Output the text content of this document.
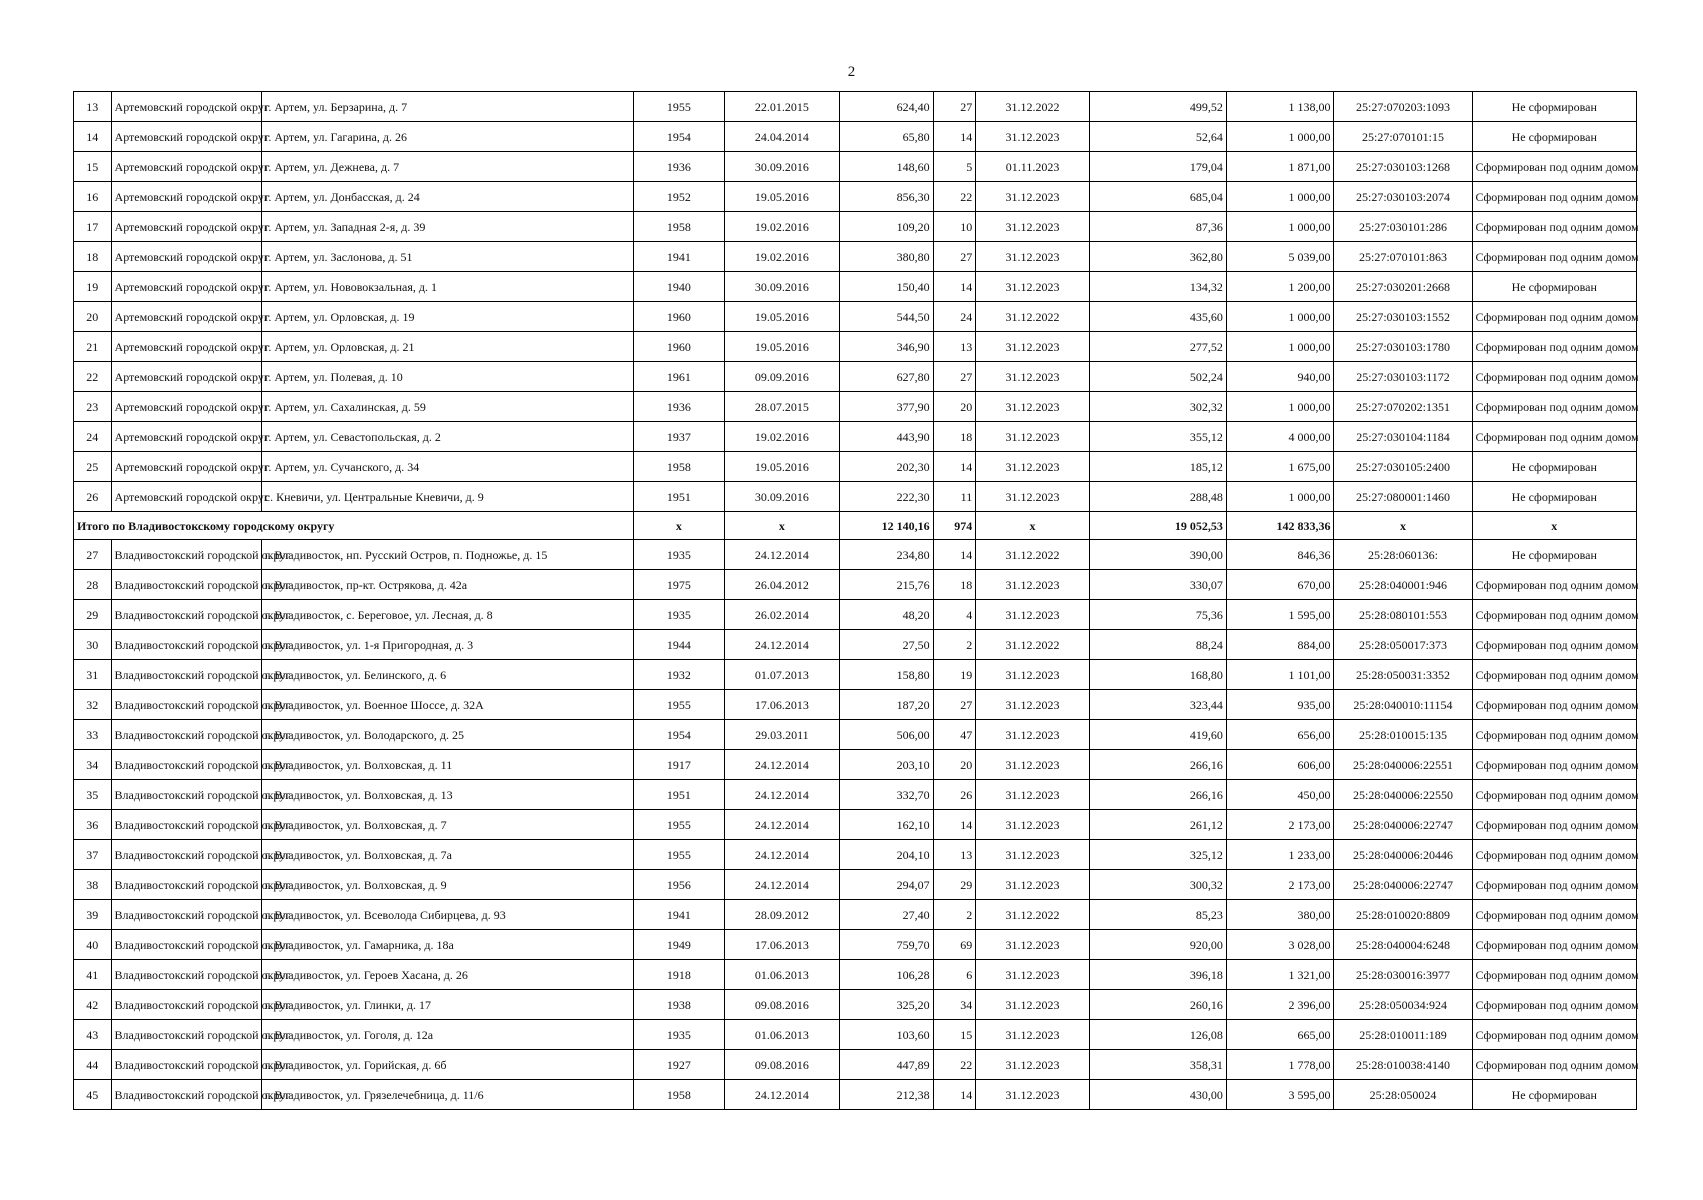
2
13	Артемовский городской округ	г. Артем, ул. Берзарина, д. 7	1955	22.01.2015	624,40	27	31.12.2022	499,52	1 138,00	25:27:070203:1093	Не сформирован
14	Артемовский городской округ	г. Артем, ул. Гагарина, д. 26	1954	24.04.2014	65,80	14	31.12.2023	52,64	1 000,00	25:27:070101:15	Не сформирован
15	Артемовский городской округ	г. Артем, ул. Дежнева, д. 7	1936	30.09.2016	148,60	5	01.11.2023	179,04	1 871,00	25:27:030103:1268	Сформирован под одним домом
16	Артемовский городской округ	г. Артем, ул. Донбасская, д. 24	1952	19.05.2016	856,30	22	31.12.2023	685,04	1 000,00	25:27:030103:2074	Сформирован под одним домом
17	Артемовский городской округ	г. Артем, ул. Западная 2-я, д. 39	1958	19.02.2016	109,20	10	31.12.2023	87,36	1 000,00	25:27:030101:286	Сформирован под одним домом
18	Артемовский городской округ	г. Артем, ул. Заслонова, д. 51	1941	19.02.2016	380,80	27	31.12.2023	362,80	5 039,00	25:27:070101:863	Сформирован под одним домом
19	Артемовский городской округ	г. Артем, ул. Нововокзальная, д. 1	1940	30.09.2016	150,40	14	31.12.2023	134,32	1 200,00	25:27:030201:2668	Не сформирован
20	Артемовский городской округ	г. Артем, ул. Орловская, д. 19	1960	19.05.2016	544,50	24	31.12.2022	435,60	1 000,00	25:27:030103:1552	Сформирован под одним домом
21	Артемовский городской округ	г. Артем, ул. Орловская, д. 21	1960	19.05.2016	346,90	13	31.12.2023	277,52	1 000,00	25:27:030103:1780	Сформирован под одним домом
22	Артемовский городской округ	г. Артем, ул. Полевая, д. 10	1961	09.09.2016	627,80	27	31.12.2023	502,24	940,00	25:27:030103:1172	Сформирован под одним домом
23	Артемовский городской округ	г. Артем, ул. Сахалинская, д. 59	1936	28.07.2015	377,90	20	31.12.2023	302,32	1 000,00	25:27:070202:1351	Сформирован под одним домом
24	Артемовский городской округ	г. Артем, ул. Севастопольская, д. 2	1937	19.02.2016	443,90	18	31.12.2023	355,12	4 000,00	25:27:030104:1184	Сформирован под одним домом
25	Артемовский городской округ	г. Артем, ул. Сучанского, д. 34	1958	19.05.2016	202,30	14	31.12.2023	185,12	1 675,00	25:27:030105:2400	Не сформирован
26	Артемовский городской округ	с. Кневичи, ул. Центральные Кневичи, д. 9	1951	30.09.2016	222,30	11	31.12.2023	288,48	1 000,00	25:27:080001:1460	Не сформирован
Итого по Владивостокскому городскому округу			x	x	12 140,16	974	x	19 052,53	142 833,36	x	x
27	Владивостокский городской округ	г. Владивосток, нп. Русский Остров, п. Подножье, д. 15	1935	24.12.2014	234,80	14	31.12.2022	390,00	846,36	25:28:060136:	Не сформирован
28	Владивостокский городской округ	г. Владивосток, пр-кт. Острякова, д. 42а	1975	26.04.2012	215,76	18	31.12.2023	330,07	670,00	25:28:040001:946	Сформирован под одним домом
29	Владивостокский городской округ	г. Владивосток, с. Береговое, ул. Лесная, д. 8	1935	26.02.2014	48,20	4	31.12.2023	75,36	1 595,00	25:28:080101:553	Сформирован под одним домом
30	Владивостокский городской округ	г. Владивосток, ул. 1-я Пригородная, д. 3	1944	24.12.2014	27,50	2	31.12.2022	88,24	884,00	25:28:050017:373	Сформирован под одним домом
31	Владивостокский городской округ	г. Владивосток, ул. Белинского, д. 6	1932	01.07.2013	158,80	19	31.12.2023	168,80	1 101,00	25:28:050031:3352	Сформирован под одним домом
32	Владивостокский городской округ	г. Владивосток, ул. Военное Шоссе, д. 32А	1955	17.06.2013	187,20	27	31.12.2023	323,44	935,00	25:28:040010:11154	Сформирован под одним домом
33	Владивостокский городской округ	г. Владивосток, ул. Володарского, д. 25	1954	29.03.2011	506,00	47	31.12.2023	419,60	656,00	25:28:010015:135	Сформирован под одним домом
34	Владивостокский городской округ	г. Владивосток, ул. Волховская, д. 11	1917	24.12.2014	203,10	20	31.12.2023	266,16	606,00	25:28:040006:22551	Сформирован под одним домом
35	Владивостокский городской округ	г. Владивосток, ул. Волховская, д. 13	1951	24.12.2014	332,70	26	31.12.2023	266,16	450,00	25:28:040006:22550	Сформирован под одним домом
36	Владивостокский городской округ	г. Владивосток, ул. Волховская, д. 7	1955	24.12.2014	162,10	14	31.12.2023	261,12	2 173,00	25:28:040006:22747	Сформирован под одним домом
37	Владивостокский городской округ	г. Владивосток, ул. Волховская, д. 7а	1955	24.12.2014	204,10	13	31.12.2023	325,12	1 233,00	25:28:040006:20446	Сформирован под одним домом
38	Владивостокский городской округ	г. Владивосток, ул. Волховская, д. 9	1956	24.12.2014	294,07	29	31.12.2023	300,32	2 173,00	25:28:040006:22747	Сформирован под одним домом
39	Владивостокский городской округ	г. Владивосток, ул. Всеволода Сибирцева, д. 93	1941	28.09.2012	27,40	2	31.12.2022	85,23	380,00	25:28:010020:8809	Сформирован под одним домом
40	Владивостокский городской округ	г. Владивосток, ул. Гамарника, д. 18а	1949	17.06.2013	759,70	69	31.12.2023	920,00	3 028,00	25:28:040004:6248	Сформирован под одним домом
41	Владивостокский городской округ	г. Владивосток, ул. Героев Хасана, д. 26	1918	01.06.2013	106,28	6	31.12.2023	396,18	1 321,00	25:28:030016:3977	Сформирован под одним домом
42	Владивостокский городской округ	г. Владивосток, ул. Глинки, д. 17	1938	09.08.2016	325,20	34	31.12.2023	260,16	2 396,00	25:28:050034:924	Сформирован под одним домом
43	Владивостокский городской округ	г. Владивосток, ул. Гоголя, д. 12а	1935	01.06.2013	103,60	15	31.12.2023	126,08	665,00	25:28:010011:189	Сформирован под одним домом
44	Владивостокский городской округ	г. Владивосток, ул. Горийская, д. 6б	1927	09.08.2016	447,89	22	31.12.2023	358,31	1 778,00	25:28:010038:4140	Сформирован под одним домом
45	Владивостокский городской округ	г. Владивосток, ул. Грязелечебница, д. 11/6	1958	24.12.2014	212,38	14	31.12.2023	430,00	3 595,00	25:28:050024	Не сформирован
